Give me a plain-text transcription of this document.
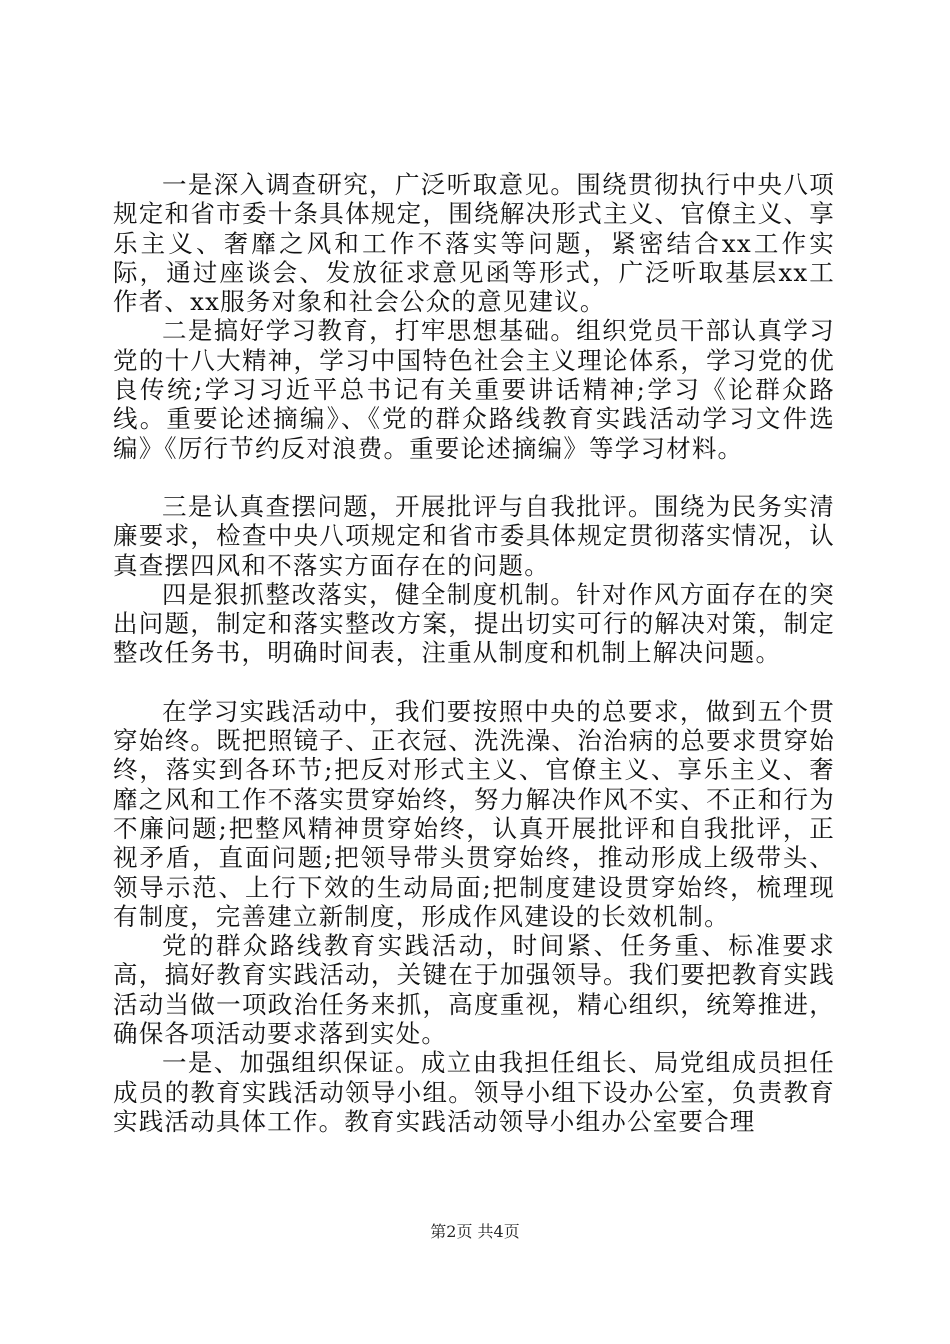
一是深入调查研究，广泛听取意见。围绕贯彻执行中央八项规定和省市委十条具体规定，围绕解决形式主义、官僚主义、享乐主义、奢靡之风和工作不落实等问题，紧密结合xx工作实际，通过座谈会、发放征求意见函等形式，广泛听取基层xx工作者、xx服务对象和社会公众的意见建议。

二是搞好学习教育，打牢思想基础。组织党员干部认真学习党的十八大精神，学习中国特色社会主义理论体系，学习党的优良传统;学习习近平总书记有关重要讲话精神;学习《论群众路线。重要论述摘编》、《党的群众路线教育实践活动学习文件选编》《厉行节约反对浪费。重要论述摘编》等学习材料。

三是认真查摆问题，开展批评与自我批评。围绕为民务实清廉要求，检查中央八项规定和省市委具体规定贯彻落实情况，认真查摆四风和不落实方面存在的问题。

四是狠抓整改落实，健全制度机制。针对作风方面存在的突出问题，制定和落实整改方案，提出切实可行的解决对策，制定整改任务书，明确时间表，注重从制度和机制上解决问题。

在学习实践活动中，我们要按照中央的总要求，做到五个贯穿始终。既把照镜子、正衣冠、洗洗澡、治治病的总要求贯穿始终，落实到各环节;把反对形式主义、官僚主义、享乐主义、奢靡之风和工作不落实贯穿始终，努力解决作风不实、不正和行为不廉问题;把整风精神贯穿始终，认真开展批评和自我批评，正视矛盾，直面问题;把领导带头贯穿始终，推动形成上级带头、领导示范、上行下效的生动局面;把制度建设贯穿始终，梳理现有制度，完善建立新制度，形成作风建设的长效机制。

党的群众路线教育实践活动，时间紧、任务重、标准要求高，搞好教育实践活动，关键在于加强领导。我们要把教育实践活动当做一项政治任务来抓，高度重视，精心组织，统筹推进，确保各项活动要求落到实处。

一是、加强组织保证。成立由我担任组长、局党组成员担任成员的教育实践活动领导小组。领导小组下设办公室，负责教育实践活动具体工作。教育实践活动领导小组办公室要合理

第2页 共4页
